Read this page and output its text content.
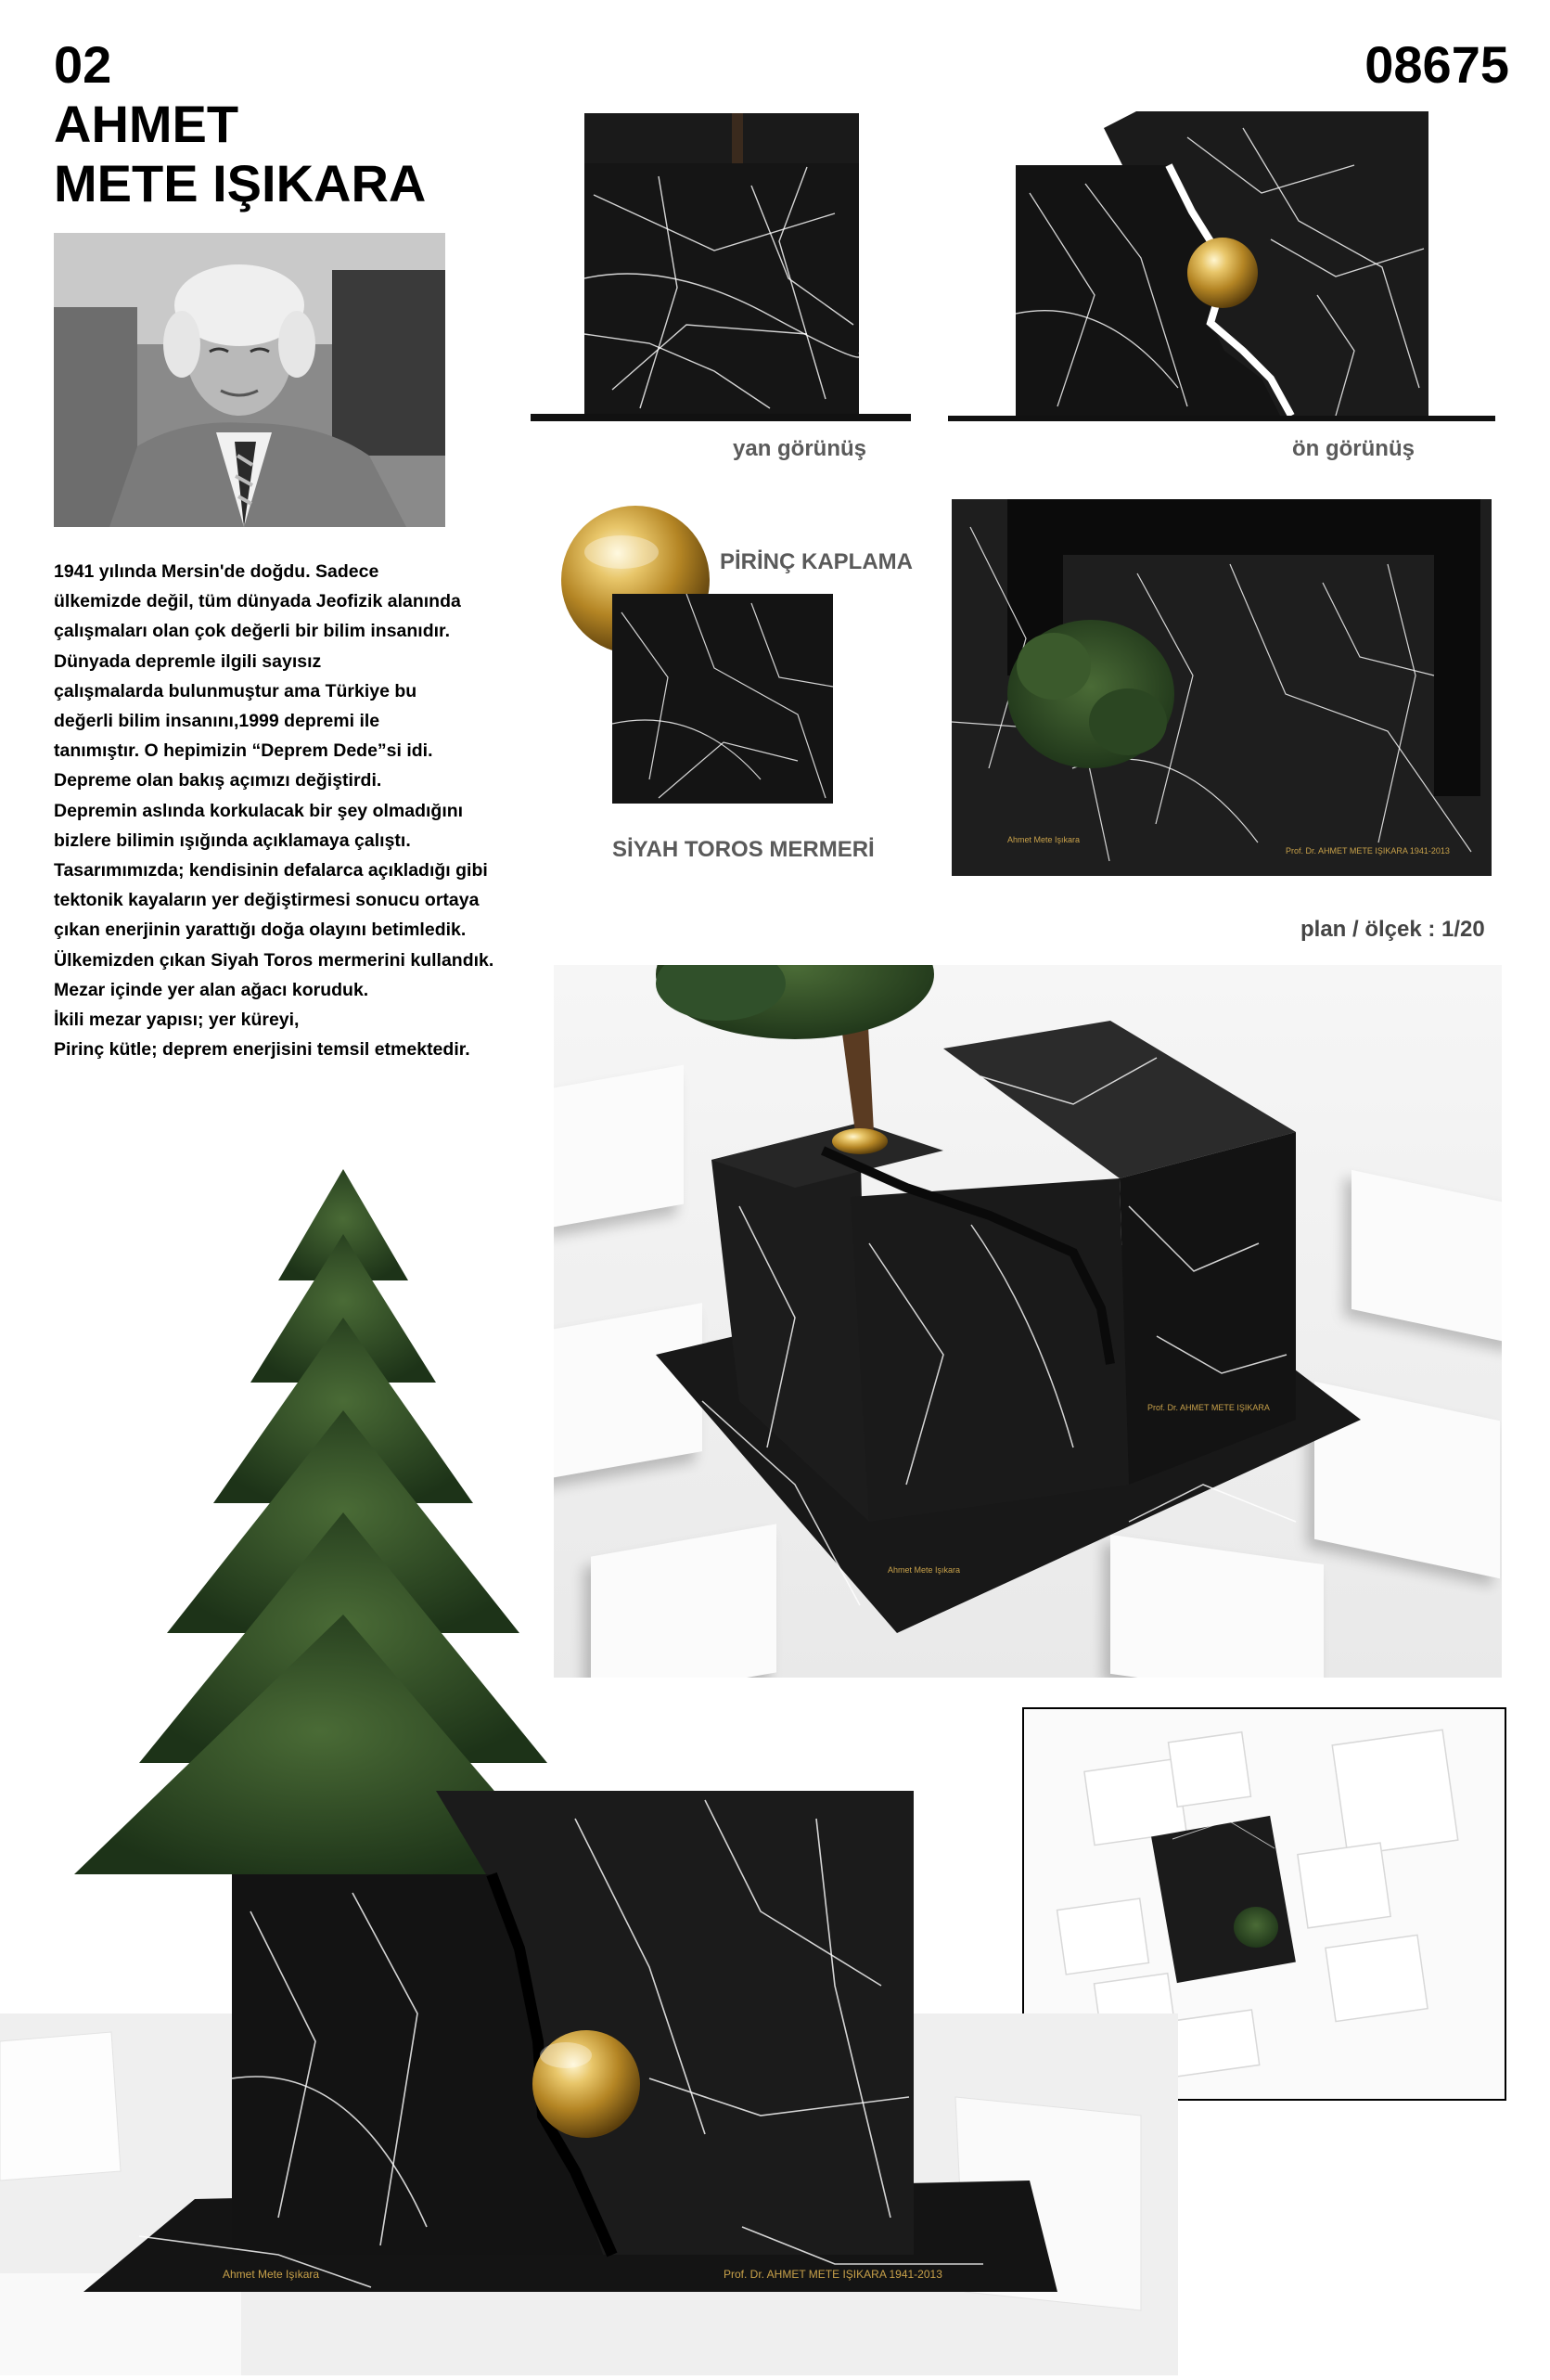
02
AHMET
METE IŞIKARA
08675
1941 yılında Mersin'de doğdu. Sadece
ülkemizde değil, tüm dünyada Jeofizik alanında
çalışmaları olan çok değerli bir bilim insanıdır.
Dünyada depremle ilgili sayısız
çalışmalarda bulunmuştur ama Türkiye bu
değerli bilim insanını,1999 depremi ile
tanımıştır. O hepimizin “Deprem Dede”si idi.
Depreme olan bakış açımızı değiştirdi.
Depremin aslında korkulacak bir şey olmadığını
bizlere bilimin ışığında açıklamaya çalıştı.
Tasarımımızda; kendisinin defalarca açıkladığı gibi
tektonik kayaların yer değiştirmesi sonucu ortaya
çıkan enerjinin yarattığı doğa olayını betimledik.
Ülkemizden çıkan Siyah Toros mermerini kullandık.
Mezar içinde yer alan ağacı koruduk.
İkili mezar yapısı; yer küreyi,
Pirinç kütle; deprem enerjisini temsil etmektedir.
yan görünüş	ön görünüş
PİRİNÇ KAPLAMA
SİYAH TOROS MERMERİ	Ahmet Mete Işıkara
Prof. Dr. AHMET METE IŞIKARA 1941-2013
plan / ölçek : 1/20
Prof. Dr. AHMET METE IŞIKARA
Ahmet Mete Işıkara
Ahmet Mete Işıkara	Prof. Dr. AHMET METE IŞIKARA 1941-2013
